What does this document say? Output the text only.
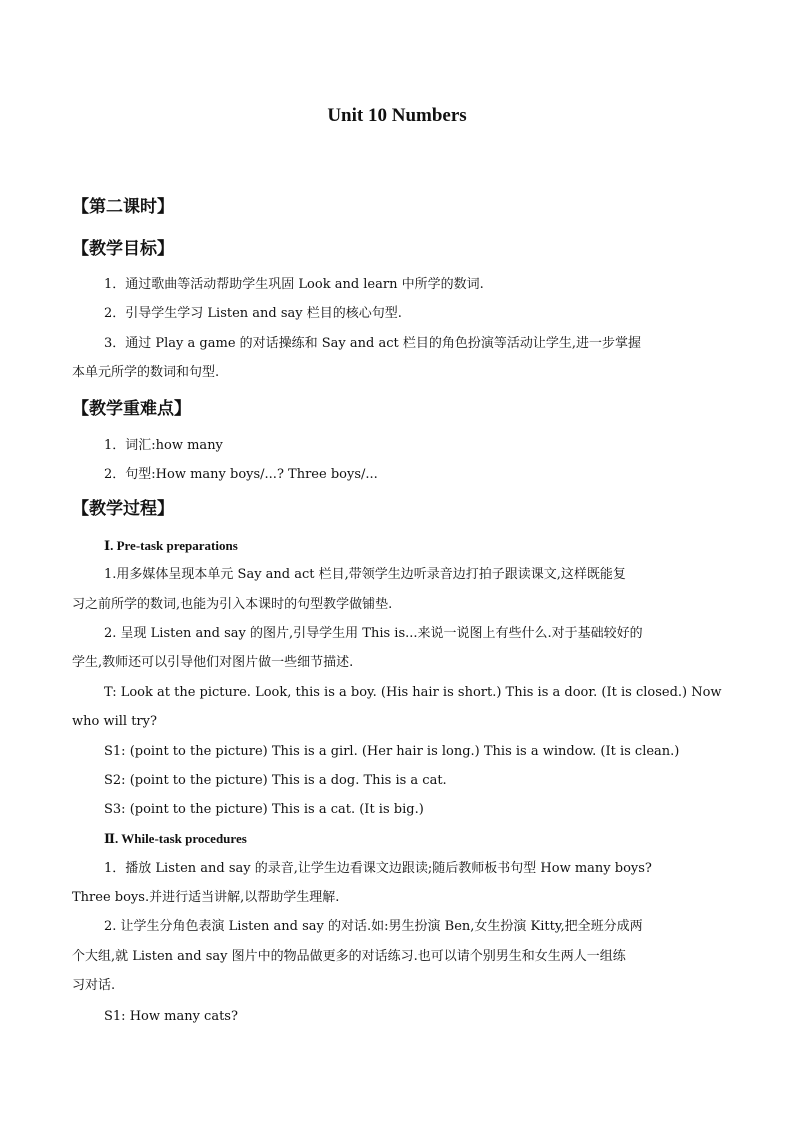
Unit 10 Numbers
【第二课时】
【教学目标】
1．通过歌曲等活动帮助学生巩固 Look and learn 中所学的数词.
2．引导学生学习 Listen and say 栏目的核心句型.
3．通过 Play a game 的对话操练和 Say and act 栏目的角色扮演等活动让学生,进一步掌握
本单元所学的数词和句型.
【教学重难点】
1．词汇:how many
2．句型:How many boys/...? Three boys/...
【教学过程】
Ⅰ. Pre-task preparations
1.用多媒体呈现本单元 Say and act 栏目,带领学生边听录音边打拍子跟读课文,这样既能复
习之前所学的数词,也能为引入本课时的句型教学做铺垫.
2. 呈现 Listen and say 的图片,引导学生用 This is...来说一说图上有些什么.对于基础较好的
学生,教师还可以引导他们对图片做一些细节描述.
T: Look at the picture. Look, this is a boy. (His hair is short.) This is a door. (It is closed.) Now
who will try?
S1: (point to the picture) This is a girl. (Her hair is long.) This is a window. (It is clean.)
S2: (point to the picture) This is a dog. This is a cat.
S3: (point to the picture) This is a cat. (It is big.)
Ⅱ. While-task procedures
1．播放 Listen and say 的录音,让学生边看课文边跟读;随后教师板书句型 How many boys?
Three boys.并进行适当讲解,以帮助学生理解.
2. 让学生分角色表演 Listen and say 的对话.如:男生扮演 Ben,女生扮演 Kitty,把全班分成两
个大组,就 Listen and say 图片中的物品做更多的对话练习.也可以请个别男生和女生两人一组练
习对话.
S1: How many cats?
